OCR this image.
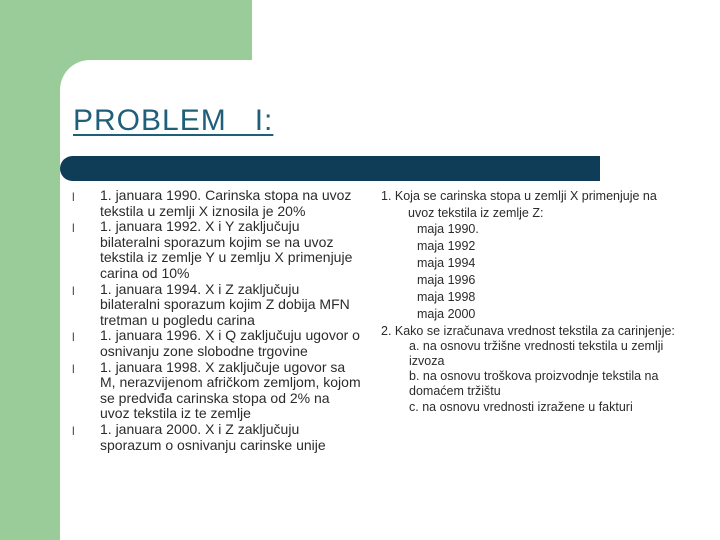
PROBLEM   I:
l 1. januara 1990. Carinska stopa na uvoz tekstila u zemlji X iznosila je 20%
l 1. januara 1992. X i Y zaključuju bilateralni sporazum kojim se na uvoz tekstila iz zemlje Y u zemlju X primenjuje carina od 10%
l 1. januara 1994. X i Z zaključuju bilateralni sporazum kojim Z dobija MFN tretman u pogledu carina
l 1. januara 1996. X i Q zaključuju ugovor o osnivanju zone slobodne trgovine
l 1. januara 1998. X zaključuje ugovor sa M, nerazvijenom afričkom zemljom, kojom se predviđa carinska stopa od 2% na uvoz tekstila iz te zemlje
l 1. januara 2000. X i Z zaključuju sporazum o osnivanju carinske unije

1. Koja se carinska stopa u zemlji X primenjuje na uvoz tekstila iz zemlje Z:

maja 1990.
maja 1992
maja 1994
maja 1996
maja 1998
maja 2000

2. Kako se izračunava vrednost tekstila za carinjenje:

a. na osnovu tržišne vrednosti tekstila u zemlji izvoza
b. na osnovu troškova proizvodnje tekstila na domaćem tržištu
c. na osnovu vrednosti izražene u fakturi
